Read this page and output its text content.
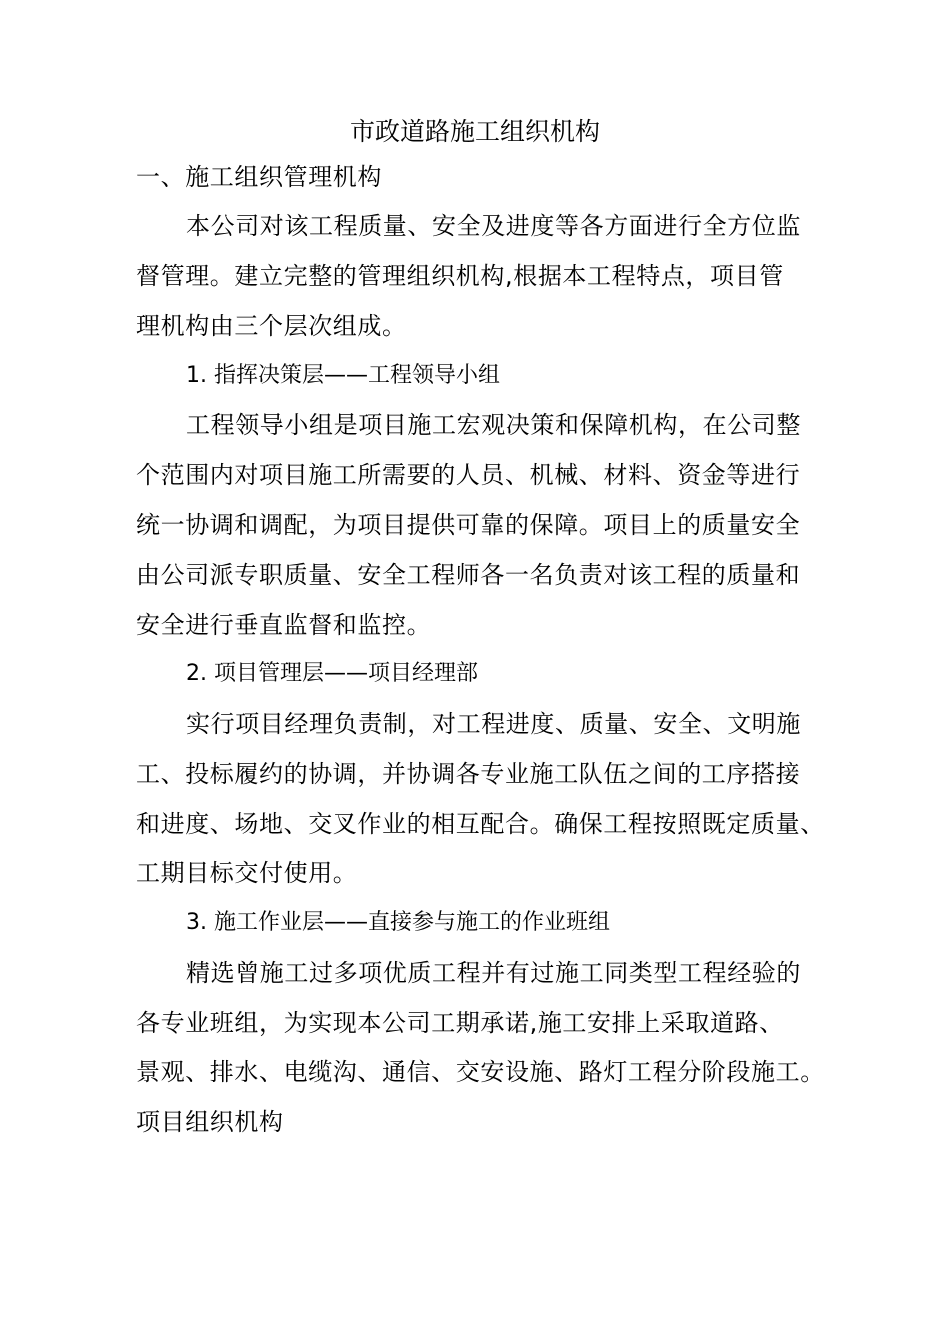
市政道路施工组织机构
一、施工组织管理机构
本公司对该工程质量、安全及进度等各方面进行全方位监
督管理。建立完整的管理组织机构,根据本工程特点，项目管
理机构由三个层次组成。
1. 指挥决策层——工程领导小组
工程领导小组是项目施工宏观决策和保障机构，在公司整
个范围内对项目施工所需要的人员、机械、材料、资金等进行
统一协调和调配，为项目提供可靠的保障。项目上的质量安全
由公司派专职质量、安全工程师各一名负责对该工程的质量和
安全进行垂直监督和监控。
2. 项目管理层——项目经理部
实行项目经理负责制，对工程进度、质量、安全、文明施
工、投标履约的协调，并协调各专业施工队伍之间的工序搭接
和进度、场地、交叉作业的相互配合。确保工程按照既定质量、
工期目标交付使用。
3. 施工作业层——直接参与施工的作业班组
精选曾施工过多项优质工程并有过施工同类型工程经验的
各专业班组，为实现本公司工期承诺,施工安排上采取道路、
景观、排水、电缆沟、通信、交安设施、路灯工程分阶段施工。
项目组织机构
